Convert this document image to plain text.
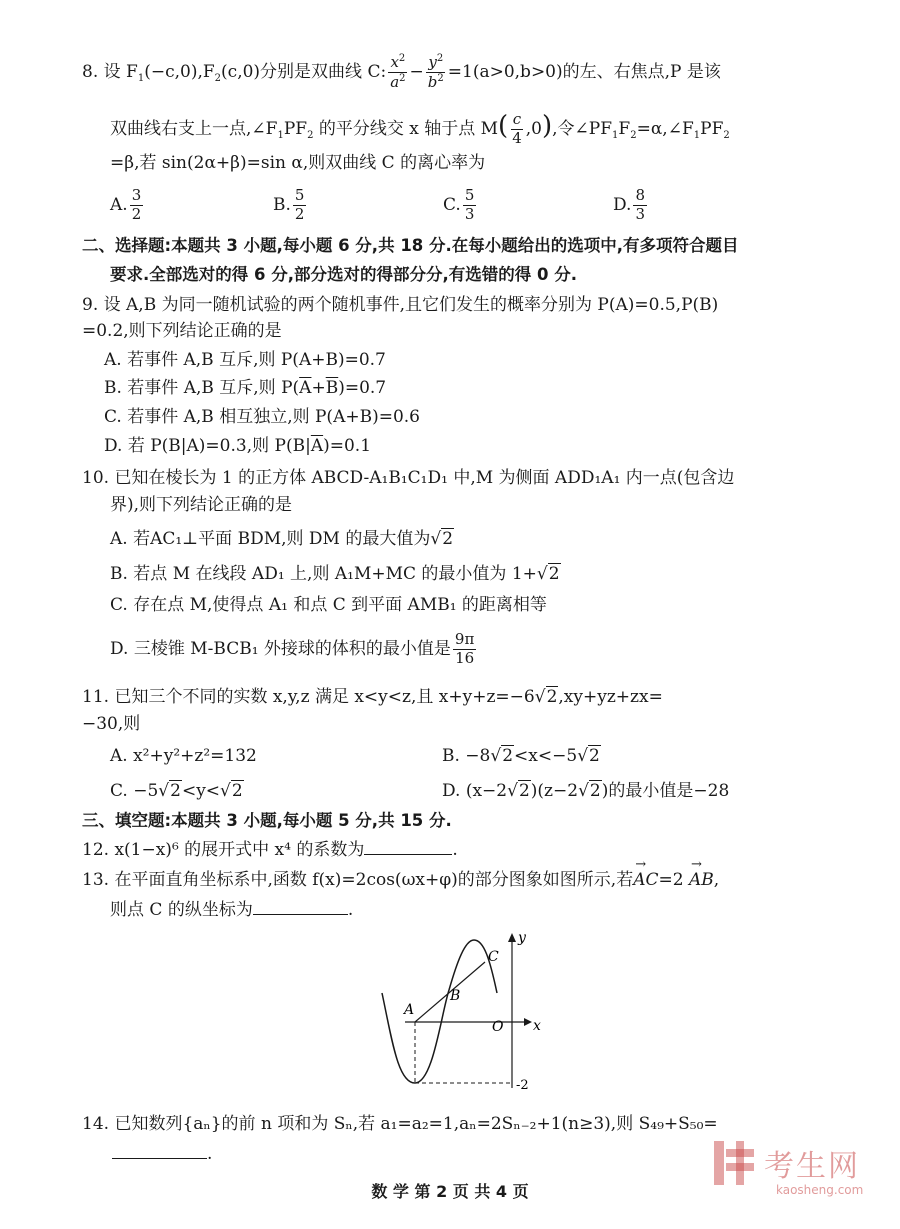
8. 设 $F_1(-c,0),F_2(c,0)$分别是双曲线 C: $\frac{x^2}{a^2} - \frac{y^2}{b^2} =1(a>0,b>0)$的左、右焦点,P 是该
双曲线右支上一点$,\angle F_1PF_2$ 的平分线交 x 轴于点 $M( \frac{c}{4} ,0)$,令$\angle PF_1F_2=\alpha,\angle F_1PF_2$
=β,若 sin(2α+β)=sin α,则双曲线 C 的离心率为
A. $\frac{3}{2}$	B. $\frac{5}{2}$	C. $\frac{5}{3}$	D. $\frac{8}{3}$
二、选择题:本题共 3 小题,每小题 6 分,共 18 分.在每小题给出的选项中,有多项符合题目
要求.全部选对的得 6 分,部分选对的得部分分,有选错的得 0 分.
9. 设 A,B 为同一随机试验的两个随机事件,且它们发生的概率分别为 P(A)=0.5,P(B)
=0.2,则下列结论正确的是
A. 若事件 A,B 互斥,则 P(A+B)=0.7
B. 若事件 A,B 互斥,则 $P(\overline{A}+\overline{B})=0.7$
C. 若事件 A,B 相互独立,则 P(A+B)=0.6
D. 若 P(B|A)=0.3,则 $P(B|\overline{A})=0.1$
10. 已知在棱长为 1 的正方体 ABCD-A₁B₁C₁D₁ 中,M 为侧面 ADD₁A₁ 内一点(包含边
界),则下列结论正确的是
A. 若AC₁⊥平面 BDM,则 DM 的最大值为√2
B. 若点 M 在线段 AD₁ 上,则 A₁M+MC 的最小值为 1+√2
C. 存在点 M,使得点 A₁ 和点 C 到平面 AMB₁ 的距离相等
D. 三棱锥 M-BCB₁ 外接球的体积的最小值是 $\frac{9\pi}{16}$
11. 已知三个不同的实数 x,y,z 满足 x<y<z,且 x+y+z=−6√2,xy+yz+zx=
−30,则
A. x²+y²+z²=132	B. −8√2<x<−5√2
C. −5√2<y<√2	D. (x−2√2)(z−2√2)的最小值是−28
三、填空题:本题共 3 小题,每小题 5 分,共 15 分.
12. x(1−x)⁶ 的展开式中 x⁴ 的系数为	.
13. 在平面直角坐标系中,函数 f(x)=2cos(ωx+φ)的部分图象如图所示,若→ AC=2 → AB,
则点 C 的纵坐标为	.
y
x
O
A
B
C
-2
14. 已知数列{aₙ}的前 n 项和为 Sₙ,若 a₁=a₂=1,aₙ=2Sₙ₋₂+1(n≥3),则 S₄₉+S₅₀=
.
数 学 第 2 页 共 4 页
考生网
kaosheng.com
